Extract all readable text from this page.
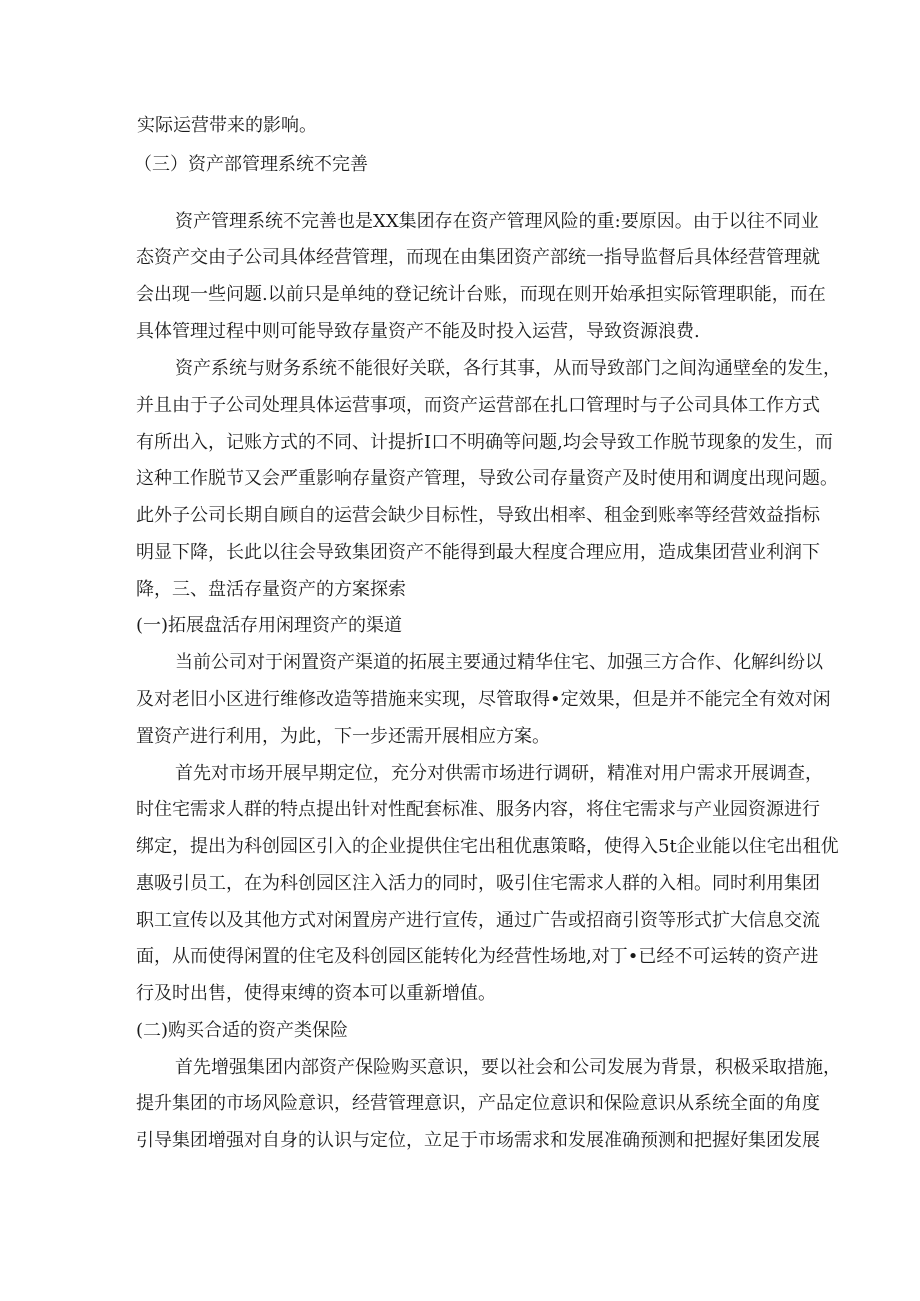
实际运营带来的影响。
（三）资产部管理系统不完善
资产管理系统不完善也是XX集团存在资产管理风险的重:要原因。由于以往不同业
态资产交由子公司具体经营管理，而现在由集团资产部统一指导监督后具体经营管理就
会出现一些问题.以前只是单纯的登记统计台账，而现在则开始承担实际管理职能，而在
具体管理过程中则可能导致存量资产不能及时投入运营，导致资源浪费.
资产系统与财务系统不能很好关联，各行其事，从而导致部门之间沟通壁垒的发生，
并且由于子公司处理具体运营事项，而资产运营部在扎口管理时与子公司具体工作方式
有所出入，记账方式的不同、计提折I口不明确等问题,均会导致工作脱节现象的发生，而
这种工作脱节又会严重影响存量资产管理，导致公司存量资产及时使用和调度出现问题。
此外子公司长期自顾自的运营会缺少目标性，导致出相率、租金到账率等经营效益指标
明显下降，长此以往会导致集团资产不能得到最大程度合理应用，造成集团营业利润下
降，三、盘活存量资产的方案探索
(一)拓展盘活存用闲理资产的渠道
当前公司对于闲置资产渠道的拓展主要通过精华住宅、加强三方合作、化解纠纷以
及对老旧小区进行维修改造等措施来实现，尽管取得•定效果，但是并不能完全有效对闲
置资产进行利用，为此，下一步还需开展相应方案。
首先对市场开展早期定位，充分对供需市场进行调研，精准对用户需求开展调查，
时住宅需求人群的特点提出针对性配套标准、服务内容，将住宅需求与产业园资源进行
绑定，提出为科创园区引入的企业提供住宅出租优惠策略，使得入5t企业能以住宅出租优
惠吸引员工，在为科创园区注入活力的同时，吸引住宅需求人群的入相。同时利用集团
职工宣传以及其他方式对闲置房产进行宣传，通过广告或招商引资等形式扩大信息交流
面，从而使得闲置的住宅及科创园区能转化为经营性场地,对丁•已经不可运转的资产进
行及时出售，使得束缚的资本可以重新增值。
(二)购买合适的资产类保险
首先增强集团内部资产保险购买意识，要以社会和公司发展为背景，积极采取措施，
提升集团的市场风险意识，经营管理意识，产品定位意识和保险意识从系统全面的角度
引导集团增强对自身的认识与定位，立足于市场需求和发展准确预测和把握好集团发展
